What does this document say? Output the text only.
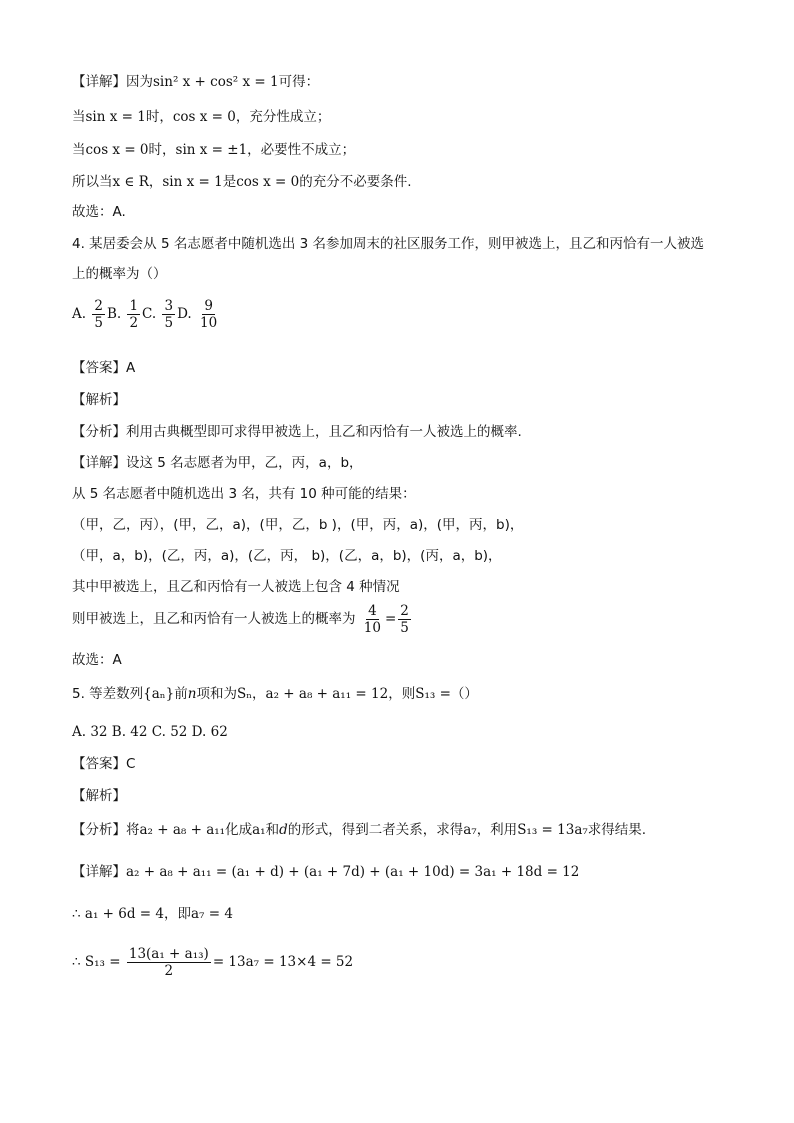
【详解】因为sin² x + cos² x = 1可得：
当sin x = 1时，cos x = 0，充分性成立；
当cos x = 0时，sin x = ±1，必要性不成立；
所以当x ∈ R，sin x = 1是cos x = 0的充分不必要条件.
故选：A.
4. 某居委会从 5 名志愿者中随机选出 3 名参加周末的社区服务工作，则甲被选上，且乙和丙恰有一人被选
上的概率为（）
A. $\frac{2}{5} B$. $\frac{1}{2} C$. $\frac{3}{5} D$. $\frac{9}{10}$
【答案】A
【解析】
【分析】利用古典概型即可求得甲被选上，且乙和丙恰有一人被选上的概率.
【详解】设这 5 名志愿者为甲，乙，丙，a，b，
从 5 名志愿者中随机选出 3 名，共有 10 种可能的结果：
（甲，乙，丙），(甲，乙，a)，(甲，乙，b )，(甲，丙，a)，(甲，丙，b)，
（甲，a，b)，(乙，丙，a)，(乙，丙， b)，(乙，a，b)，(丙，a，b)，
其中甲被选上，且乙和丙恰有一人被选上包含 4 种情况
则甲被选上，且乙和丙恰有一人被选上的概率为 $\frac{4}{10} = \frac{2}{5}$
故选：A
5. 等差数列{aₙ}前n项和为Sₙ，a₂ + a₈ + a₁₁ = 12，则S₁₃ =（）
A. 32 B. 42 C. 52 D. 62
【答案】C
【解析】
【分析】将a₂ + a₈ + a₁₁化成a₁和d的形式，得到二者关系，求得a₇，利用S₁₃ = 13a₇求得结果.
【详解】a₂ + a₈ + a₁₁ = (a₁ + d) + (a₁ + 7d) + (a₁ + 10d) = 3a₁ + 18d = 12
∴ a₁ + 6d = 4，即a₇ = 4
∴ $S_{13} = \frac{\text{13(a₁ + a₁₃)}}{2} = 13a_7 = 13\times 4 = 52$
